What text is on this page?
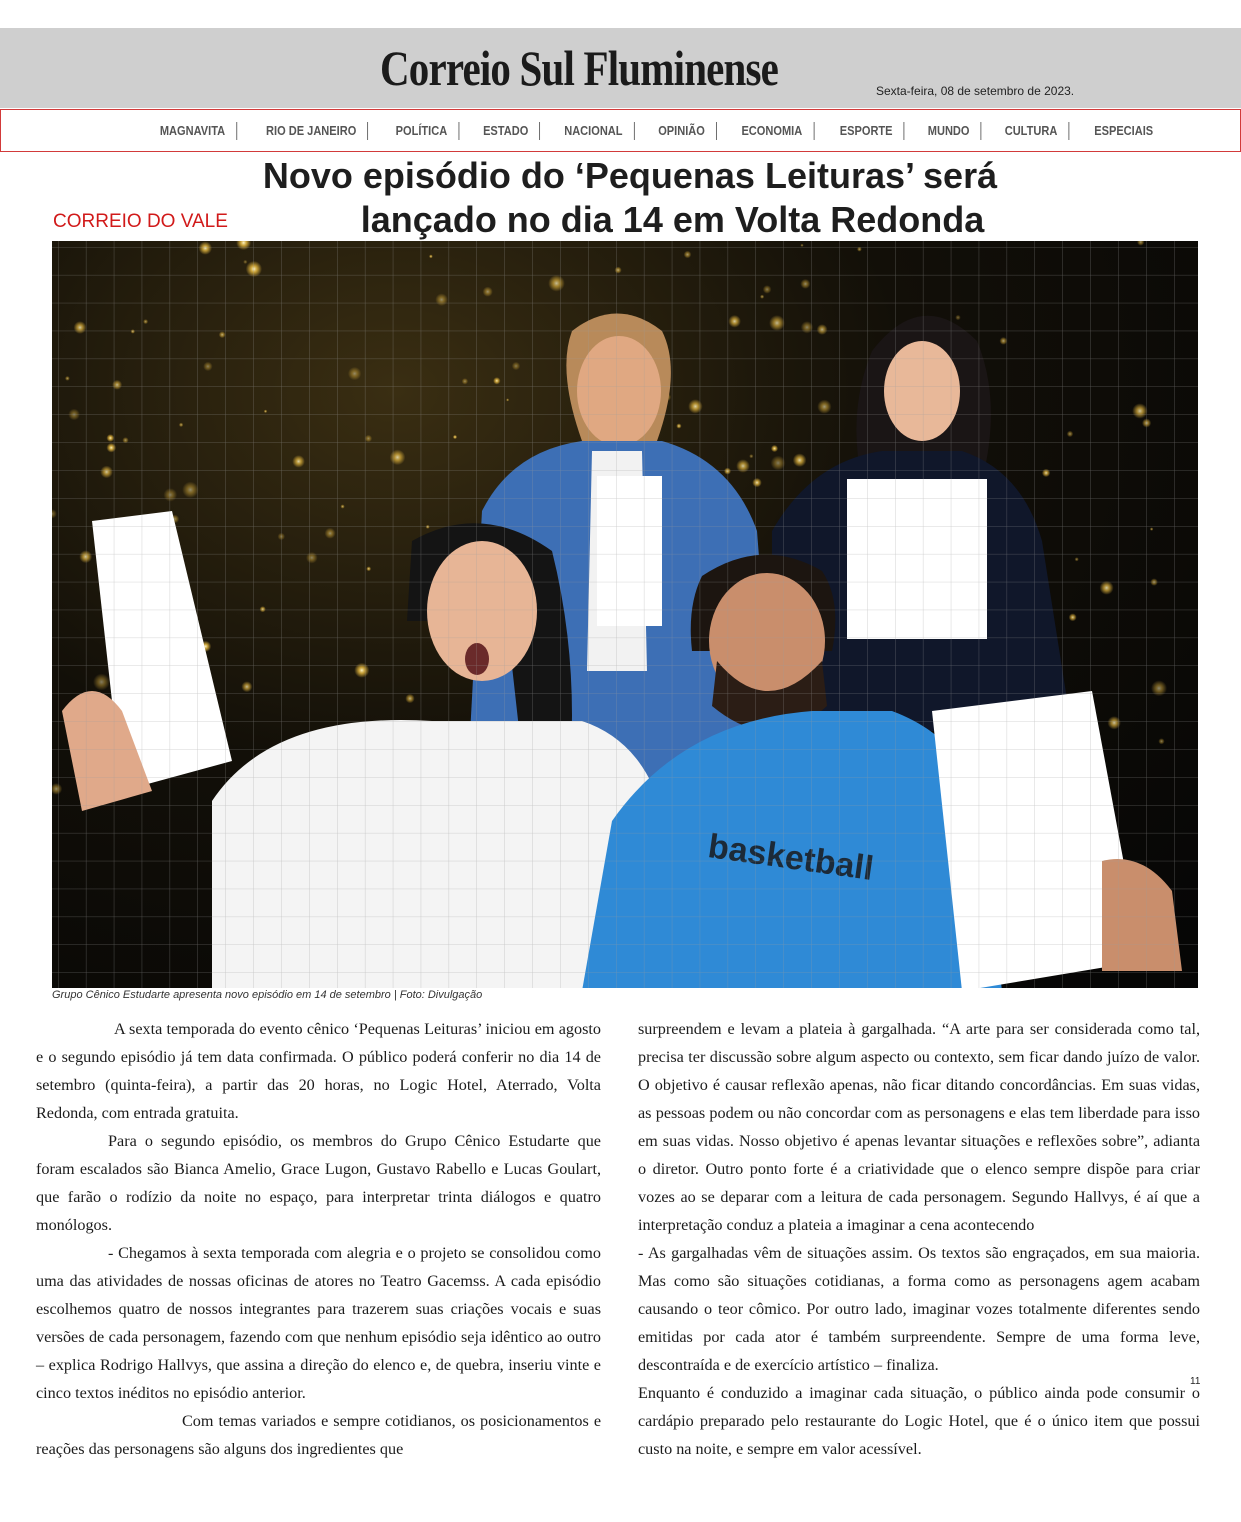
Correio Sul Fluminense	Sexta-feira, 08 de setembro de 2023.
MAGNAVITA	RIO DE JANEIRO	POLÍTICA	ESTADO	NACIONAL	OPINIÃO	ECONOMIA	ESPORTE	MUNDO	CULTURA	ESPECIAIS
CORREIO DO VALE
Novo episódio do ‘Pequenas Leituras’ será
lançado no dia 14 em Volta Redonda
Grupo Cênico Estudarte apresenta novo episódio em 14 de setembro | Foto: Divulgação

A sexta temporada do evento cênico ‘Pequenas Leituras’ iniciou em agosto e o segundo episódio já tem data confirmada. O público poderá conferir no dia 14 de setembro (quinta-feira), a partir das 20 horas, no Logic Hotel, Aterrado, Volta Redonda, com entrada gratuita.

Para o segundo episódio, os membros do Grupo Cênico Estudarte que foram escalados são Bianca Amelio, Grace Lugon, Gustavo Rabello e Lucas Goulart, que farão o rodízio da noite no espaço, para interpretar trinta diálogos e quatro monólogos.

- Chegamos à sexta temporada com alegria e o projeto se consolidou como uma das atividades de nossas oficinas de atores no Teatro Gacemss. A cada episódio escolhemos quatro de nossos integrantes para trazerem suas criações vocais e suas versões de cada personagem, fazendo com que nenhum episódio seja idêntico ao outro – explica Rodrigo Hallvys, que assina a direção do elenco e, de quebra, inseriu vinte e cinco textos inéditos no episódio anterior.

Com temas variados e sempre cotidianos, os posicionamentos e reações das personagens são alguns dos ingredientes que

surpreendem e levam a plateia à gargalhada. “A arte para ser considerada como tal, precisa ter discussão sobre algum aspecto ou contexto, sem ficar dando juízo de valor. O objetivo é causar reflexão apenas, não ficar ditando concordâncias. Em suas vidas, as pessoas podem ou não concordar com as personagens e elas tem liberdade para isso em suas vidas. Nosso objetivo é apenas levantar situações e reflexões sobre”, adianta o diretor. Outro ponto forte é a criatividade que o elenco sempre dispõe para criar vozes ao se deparar com a leitura de cada personagem. Segundo Hallvys, é aí que a interpretação conduz a plateia a imaginar a cena acontecendo

- As gargalhadas vêm de situações assim. Os textos são engraçados, em sua maioria. Mas como são situações cotidianas, a forma como as personagens agem acabam causando o teor cômico. Por outro lado, imaginar vozes totalmente diferentes sendo emitidas por cada ator é também surpreendente. Sempre de uma forma leve, descontraída e de exercício artístico – finaliza.

Enquanto é conduzido a imaginar cada situação, o público ainda pode consumir o cardápio preparado pelo restaurante do Logic Hotel, que é o único item que possui custo na noite, e sempre em valor acessível.

11
